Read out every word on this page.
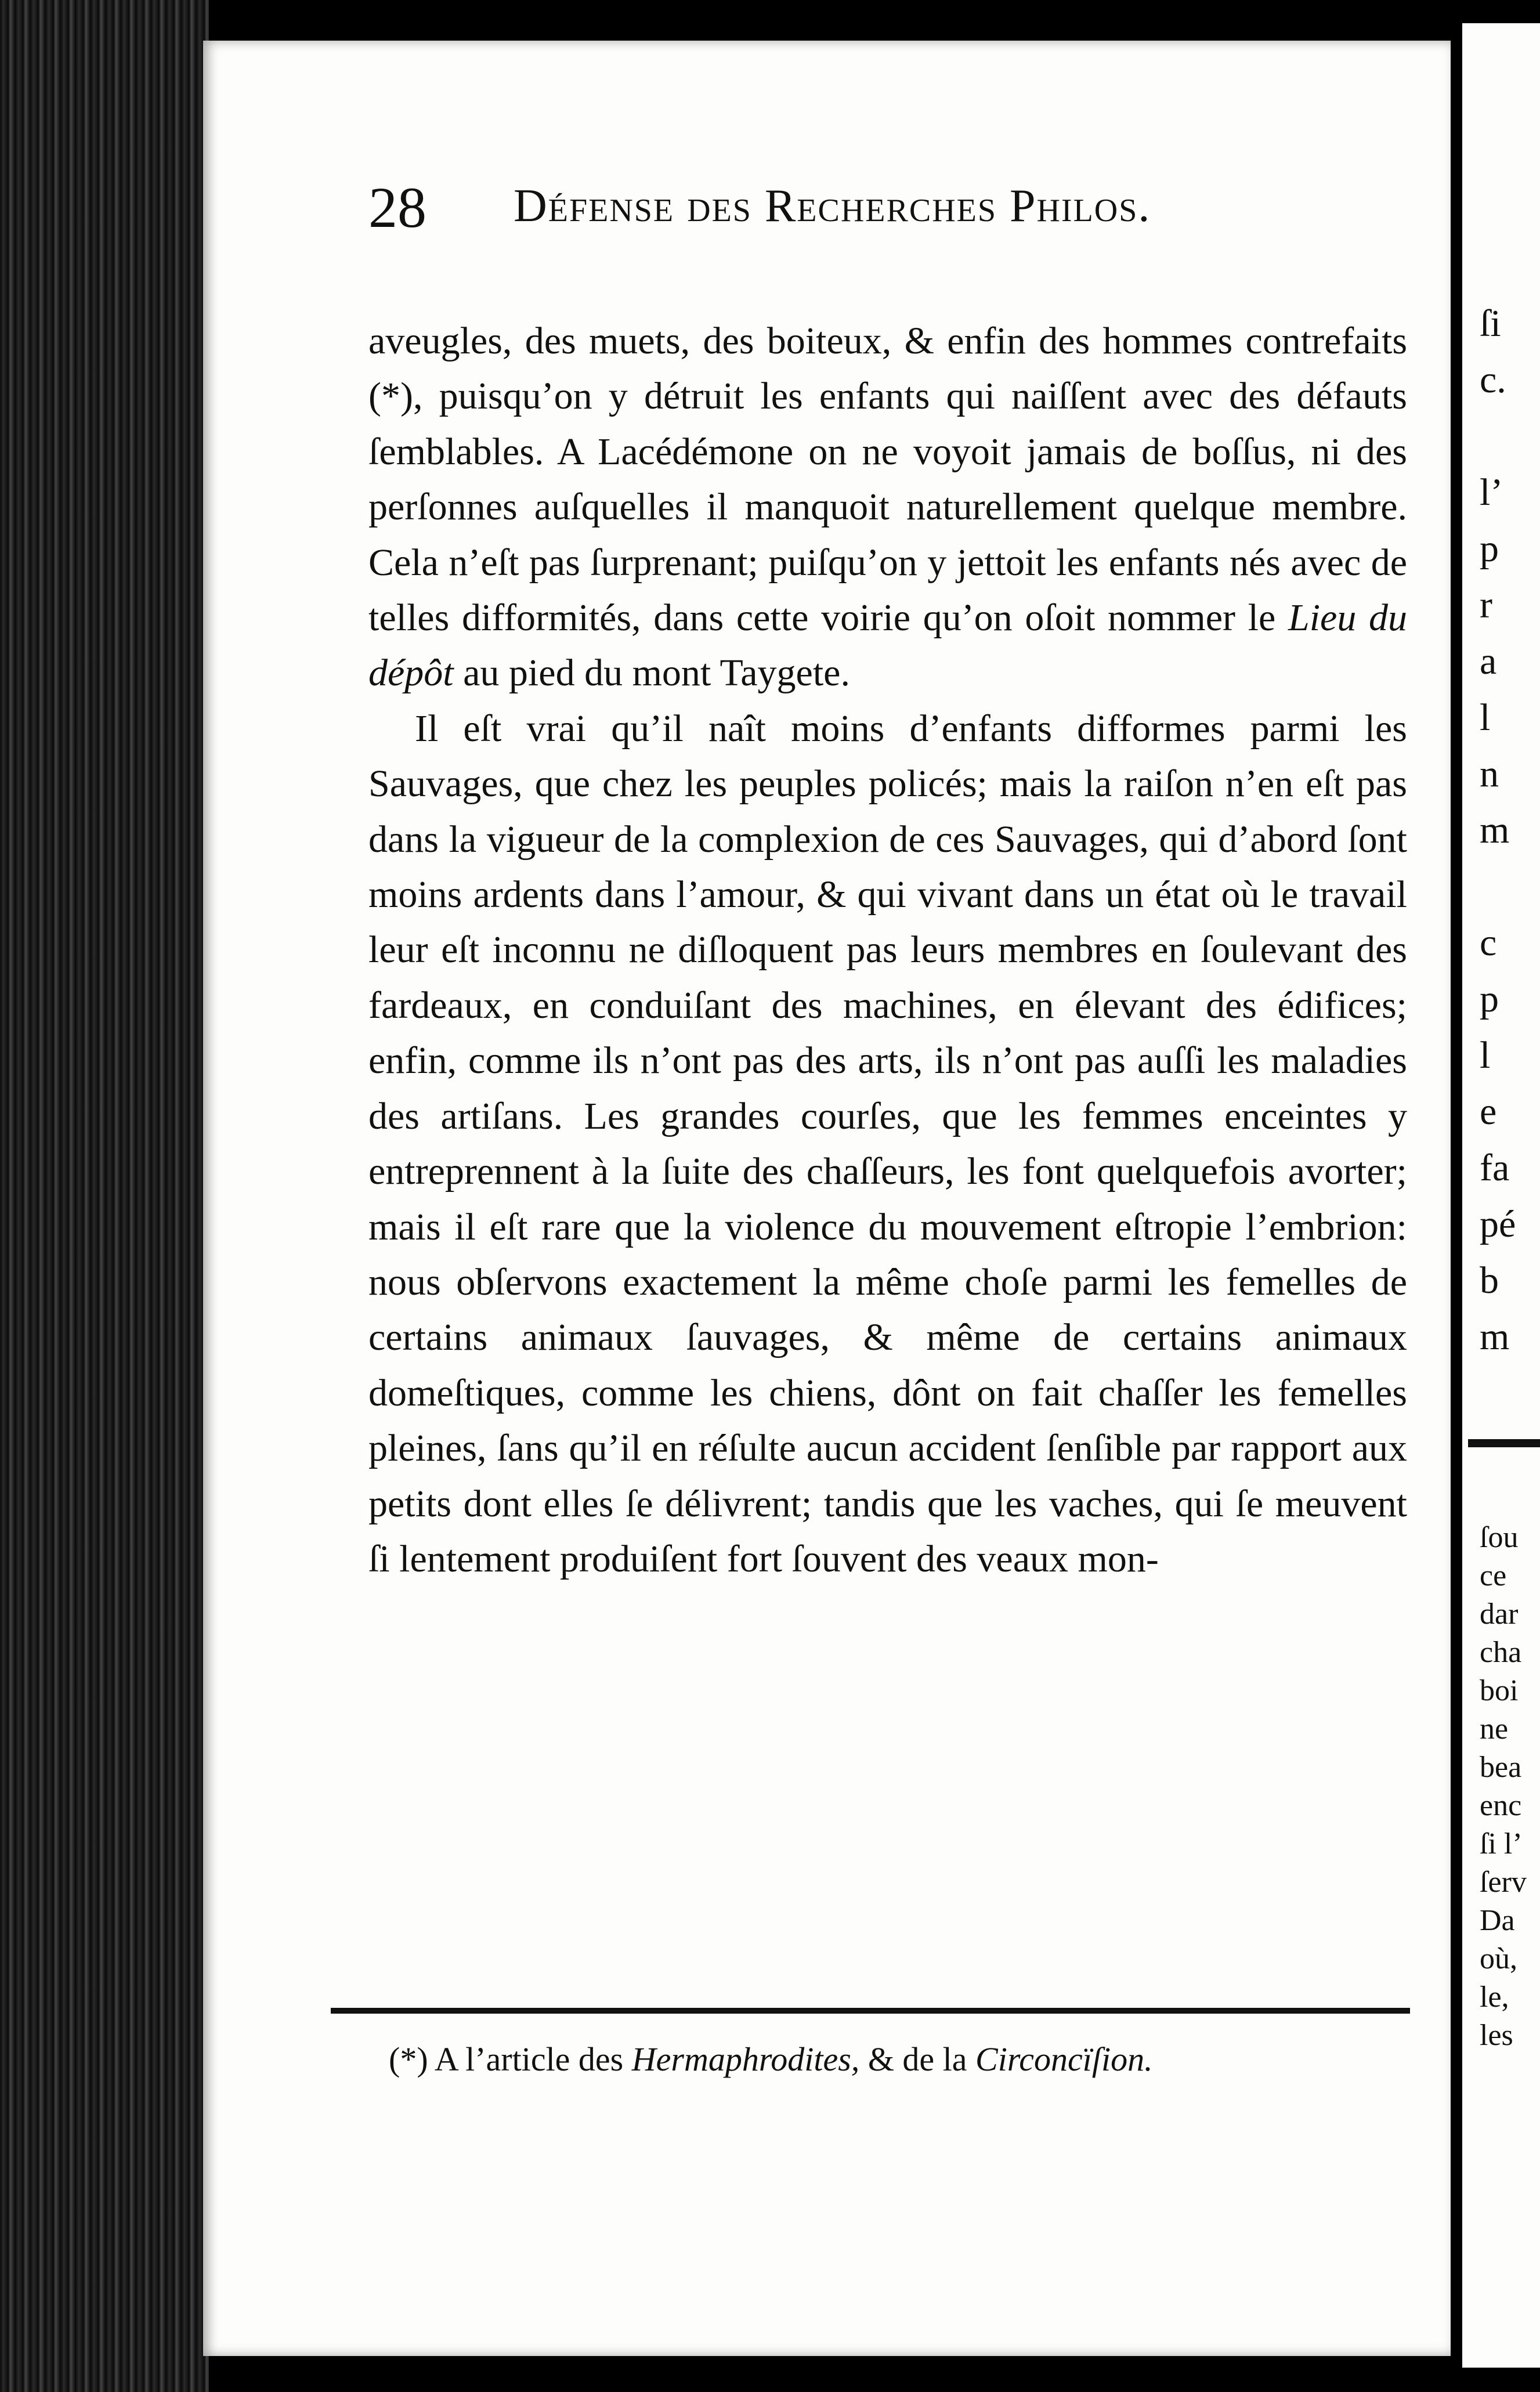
28 Défense des Recherches Philos.

aveugles, des muets, des boiteux, & enfin des hommes contrefaits (*), puisqu’on y détruit les enfants qui naiſſent avec des défauts ſemblables. A Lacédémone on ne voyoit jamais de boſſus, ni des perſonnes auſquelles il manquoit naturellement quelque membre. Cela n’eſt pas ſurprenant; puiſqu’on y jettoit les enfants nés avec de telles difformités, dans cette voirie qu’on oſoit nommer le Lieu du dépôt au pied du mont Taygete.

Il eſt vrai qu’il naît moins d’enfants difformes parmi les Sauvages, que chez les peuples policés; mais la raiſon n’en eſt pas dans la vigueur de la complexion de ces Sauvages, qui d’abord ſont moins ardents dans l’amour, & qui vivant dans un état où le travail leur eſt inconnu ne diſloquent pas leurs membres en ſoulevant des fardeaux, en conduiſant des machines, en élevant des édifices; enfin, comme ils n’ont pas des arts, ils n’ont pas auſſi les maladies des artiſans. Les grandes courſes, que les femmes enceintes y entreprennent à la ſuite des chaſſeurs, les font quelquefois avorter; mais il eſt rare que la violence du mouvement eſtropie l’embrion: nous obſervons exactement la même choſe parmi les femelles de certains animaux ſauvages, & même de certains animaux domeſtiques, comme les chiens, dônt on fait chaſſer les femelles pleines, ſans qu’il en réſulte aucun accident ſenſible par rapport aux petits dont elles ſe délivrent; tandis que les vaches, qui ſe meuvent ſi lentement produiſent fort ſouvent des veaux mon-

(*) A l’article des Hermaphrodites, & de la Circoncïſion.
ſi
c.
l’
p
r
a
l
n
m
c
p
l
e
fa
pé
b
m
ſou
ce
dar
cha
boi
ne
bea
enc
ſi l’
ſerv
Da
où,
le,
les
